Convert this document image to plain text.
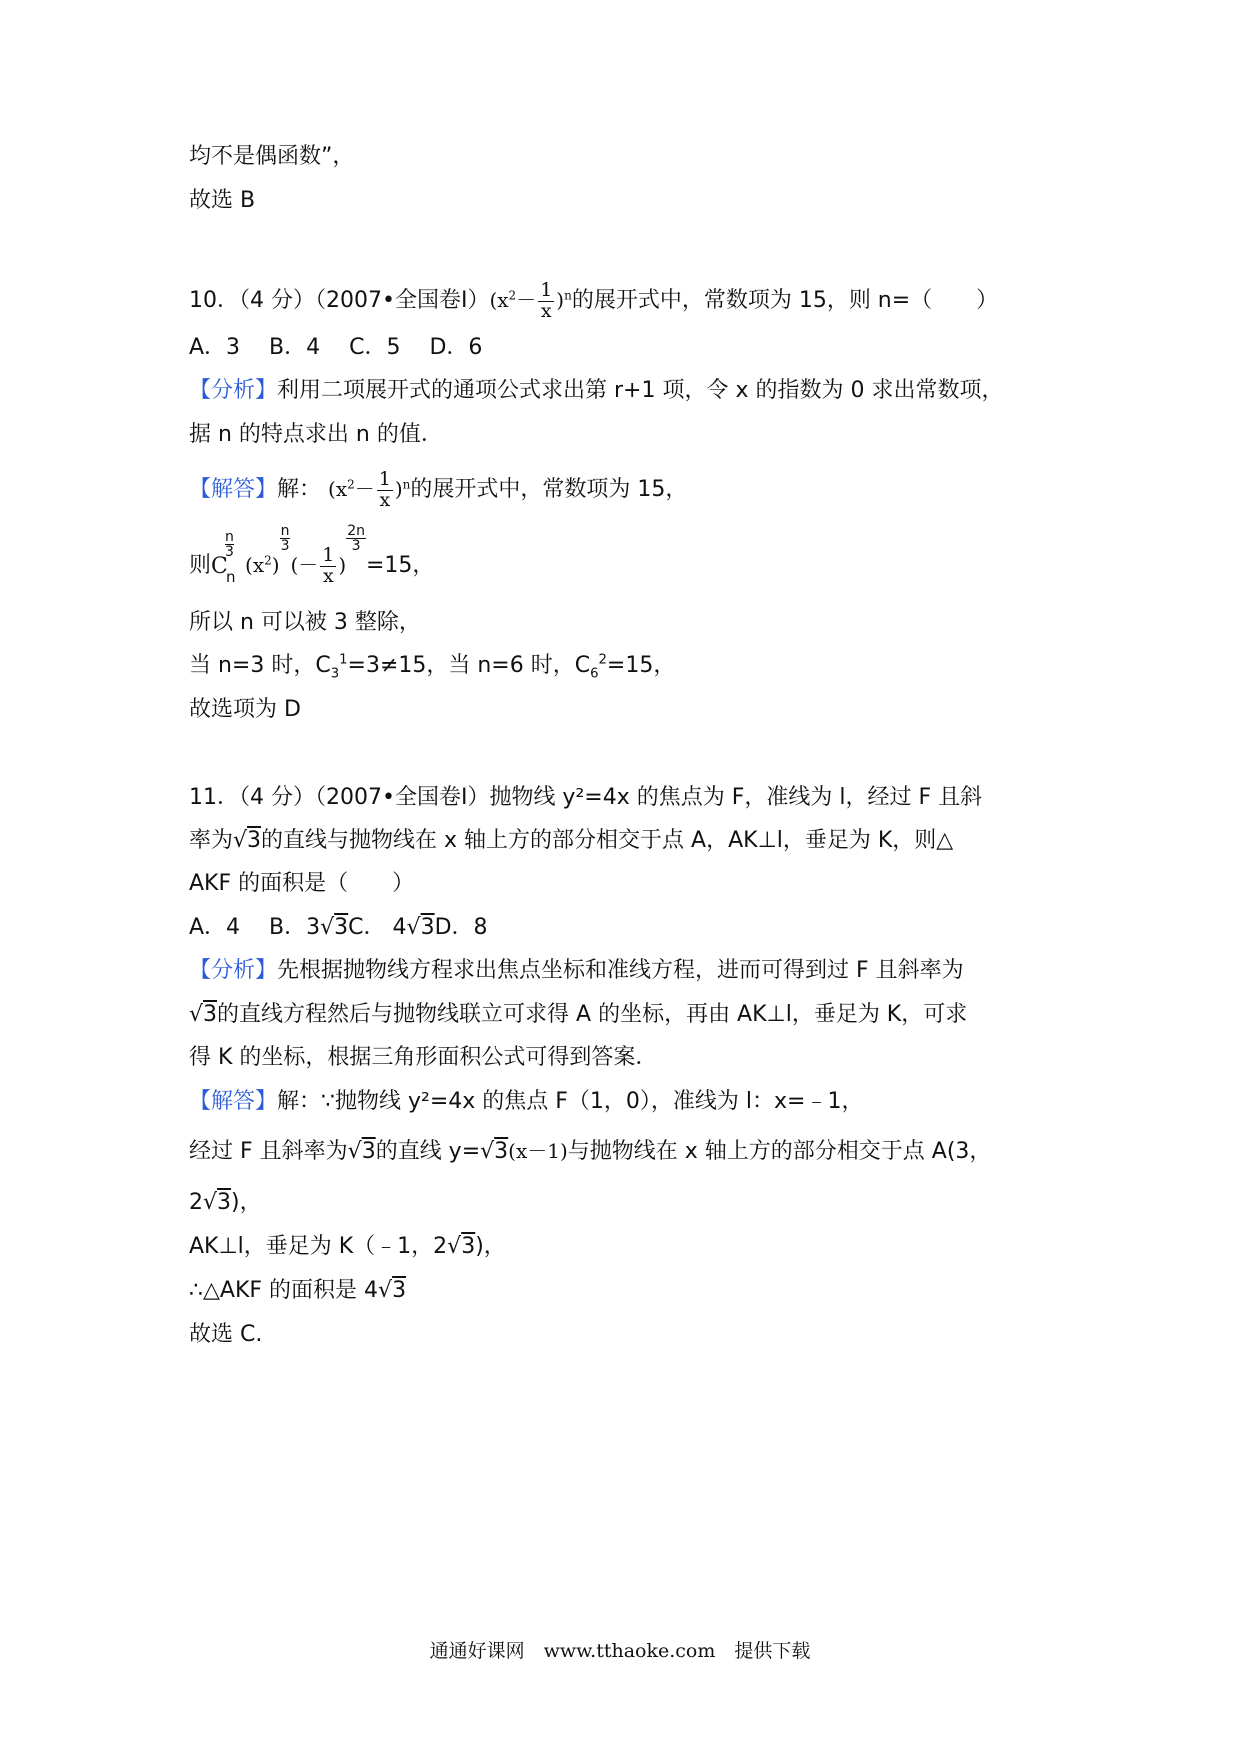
均不是偶函数”，
故选 B
10．（4 分）（2007•全国卷$Ⅰ)(x^2- \frac{1}{x} )^n$的展开式中，常数项为 15，则 n=（　　）
A．3　 B．4　 C．5　 D．6
【分析】利用二项展开式的通项公式求出第 r+1 项，令 x 的指数为 0 求出常数项，
据 n 的特点求出 n 的值．
【解答】解： $(x^2- \frac{1}{x} )^n$的展开式中，常数项为 15，
则 C
n
3
n $(x^2)$
$\frac{n}{3}$
(－ $\frac{1}{x}$ )
$\frac{2n}{3}$
=15，
所以 n 可以被 3 整除，
当 n=3 时，$C_3^1=3\ne 15$，当 n=6 时，$C_6^2=15$，
故选项为 D
11．（4 分）（2007•全国卷Ⅰ）抛物线 y²=4x 的焦点为 F，准线为 l，经过 F 且斜
率为√3的直线与抛物线在 x 轴上方的部分相交于点 A，AK⊥l，垂足为 K，则△
AKF 的面积是（　　）
A．4　 B．3√3C． 4√3D．8
【分析】先根据抛物线方程求出焦点坐标和准线方程，进而可得到过 F 且斜率为
√3的直线方程然后与抛物线联立可求得 A 的坐标，再由 AK⊥l，垂足为 K，可求
得 K 的坐标，根据三角形面积公式可得到答案．
【解答】解：∵抛物线 y²=4x 的焦点 F（1，0），准线为 l：x=﹣1，
经过 F 且斜率为√3的直线 y=√3(x－1)与抛物线在 x 轴上方的部分相交于点 A(3，
2√3)，
AK⊥l，垂足为 K（﹣1，2√3)，
∴△AKF 的面积是 4√3
故选 C.
通通好课网　www.tthaoke.com　提供下载
